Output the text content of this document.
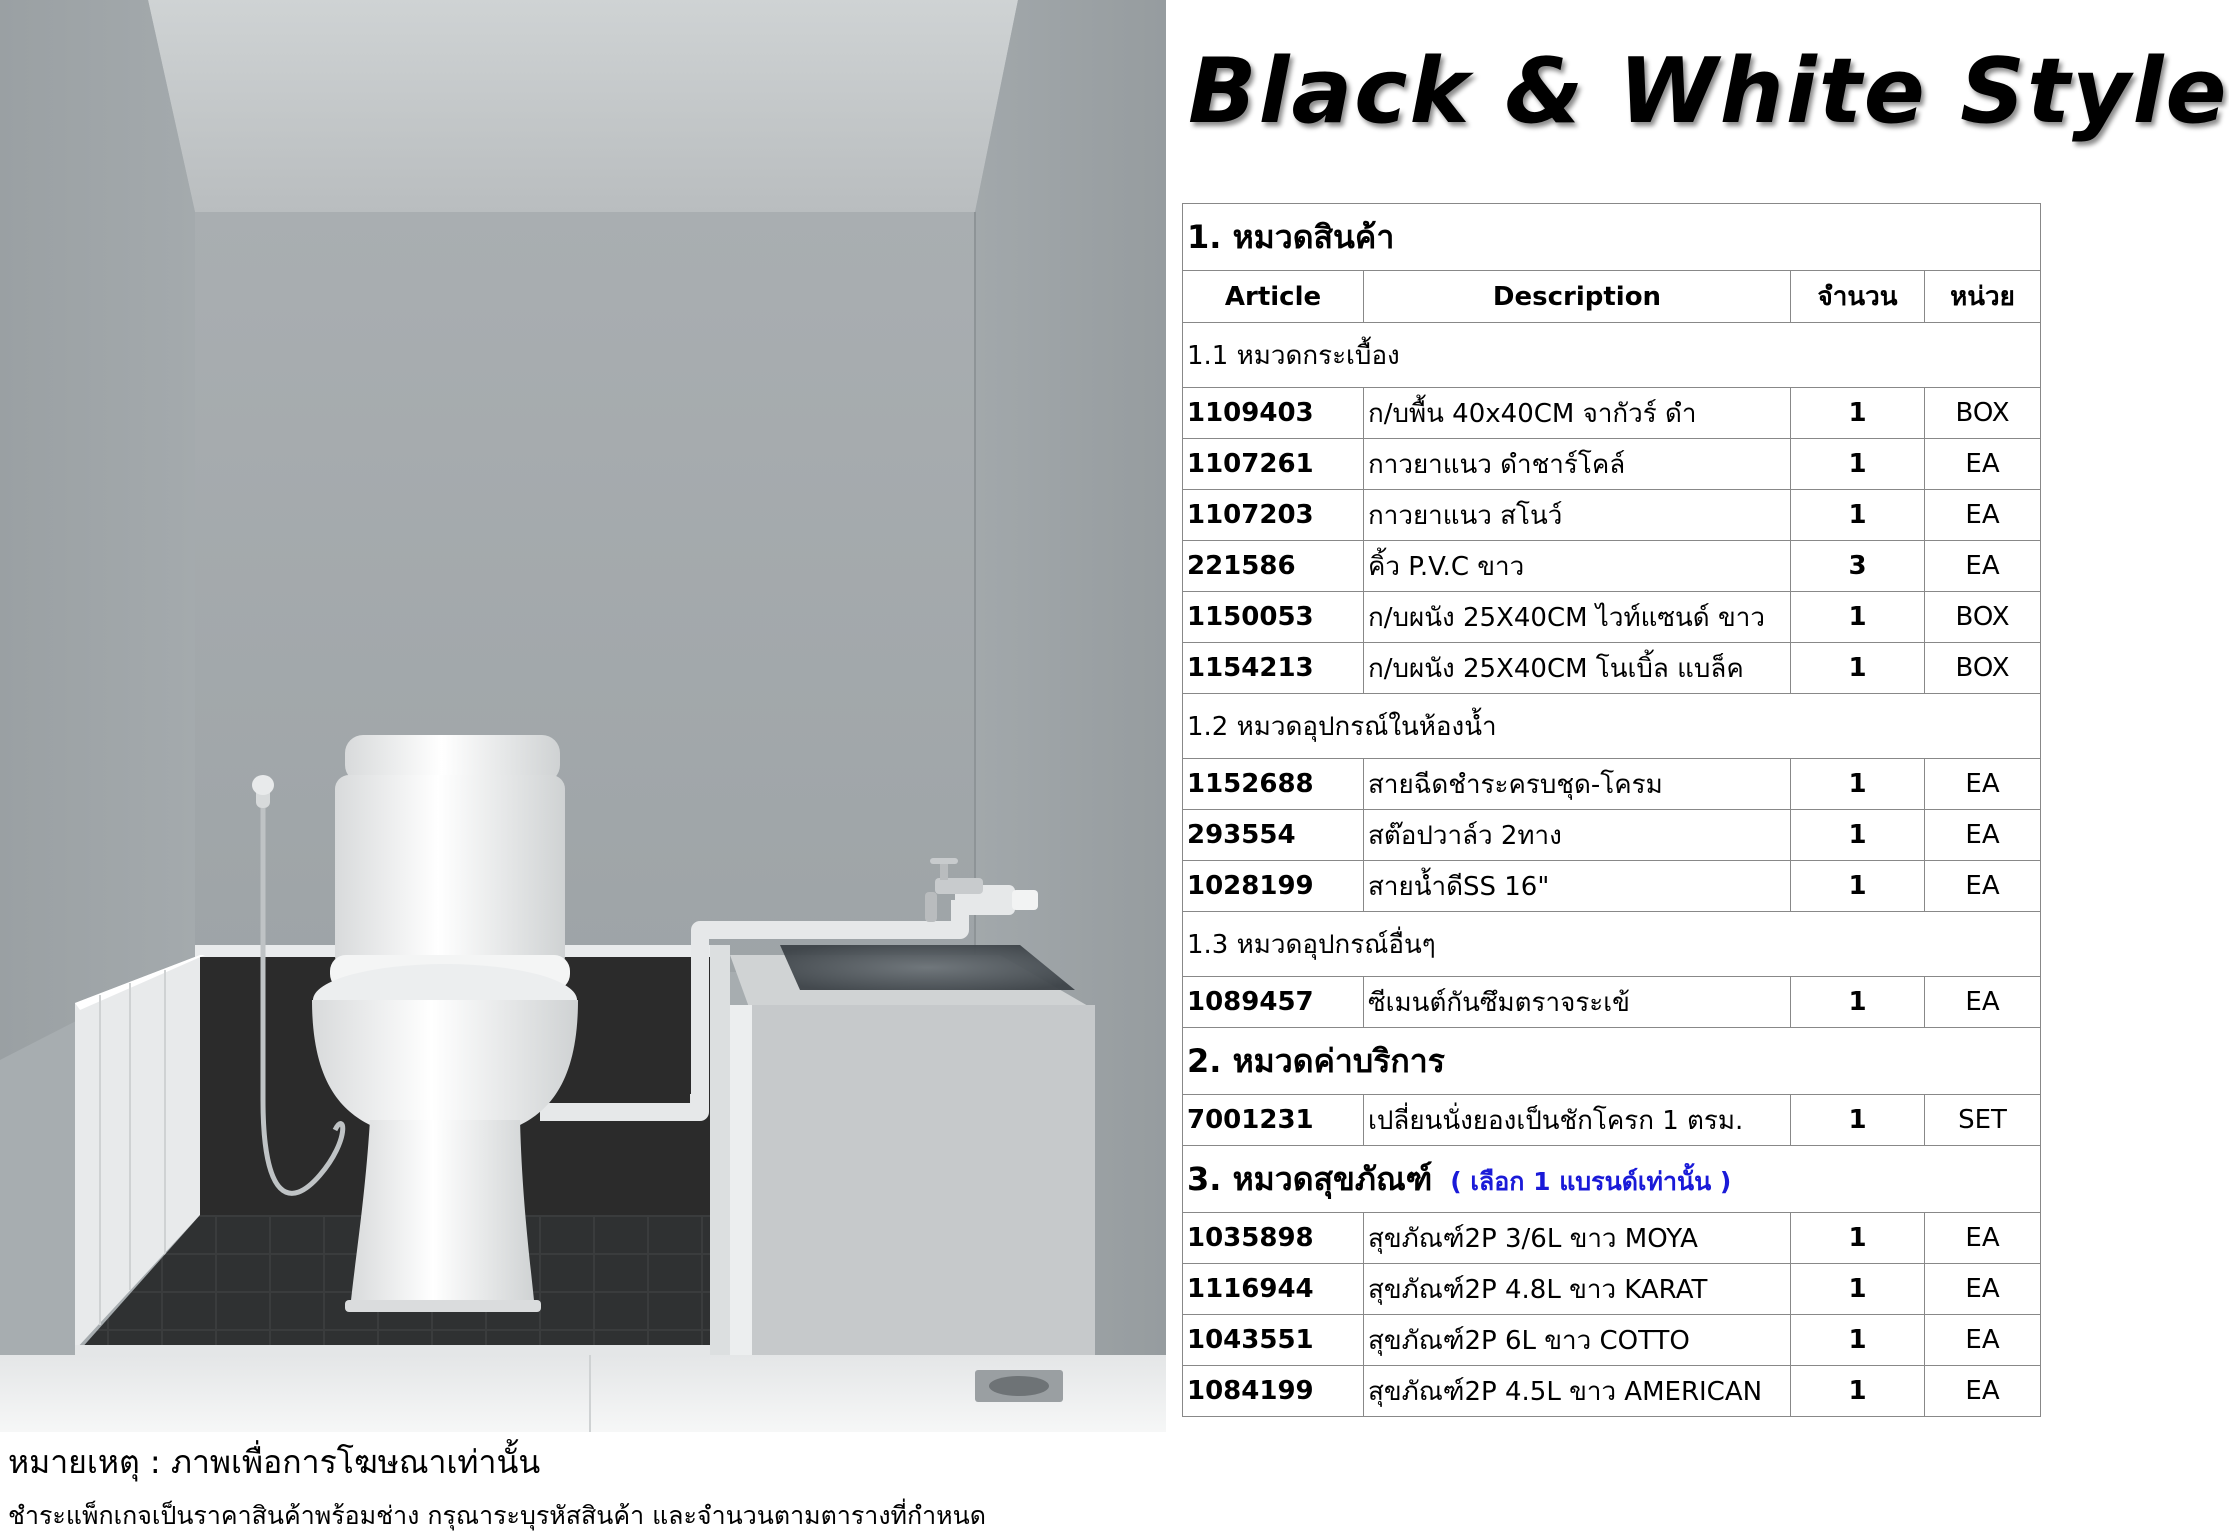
Black & White Style
1. หมวดสินค้า			
Article	Description	จำนวน	หน่วย
1.1 หมวดกระเบื้อง			
1109403	ก/บพื้น 40x40CM จากัวร์ ดำ	1	BOX
1107261	กาวยาแนว ดำชาร์โคล์	1	EA
1107203	กาวยาแนว สโนว์	1	EA
221586	คิ้ว P.V.C ขาว	3	EA
1150053	ก/บผนัง 25X40CM ไวท์แซนด์ ขาว	1	BOX
1154213	ก/บผนัง 25X40CM โนเบิ้ล แบล็ค	1	BOX
1.2 หมวดอุปกรณ์ในห้องน้ำ			
1152688	สายฉีดชำระครบชุด-โครม	1	EA
293554	สต๊อปวาล์ว 2ทาง	1	EA
1028199	สายน้ำดีSS 16"	1	EA
1.3 หมวดอุปกรณ์อื่นๆ			
1089457	ซีเมนต์กันซึมตราจระเข้	1	EA
2. หมวดค่าบริการ			
7001231	เปลี่ยนนั่งยองเป็นชักโครก 1 ตรม.	1	SET
3. หมวดสุขภัณฑ์ ( เลือก 1 แบรนด์เท่านั้น )			
1035898	สุขภัณฑ์2P 3/6L ขาว MOYA	1	EA
1116944	สุขภัณฑ์2P 4.8L ขาว KARAT	1	EA
1043551	สุขภัณฑ์2P 6L ขาว COTTO	1	EA
1084199	สุขภัณฑ์2P 4.5L ขาว AMERICAN	1	EA
หมายเหตุ : ภาพเพื่อการโฆษณาเท่านั้น
ชำระแพ็กเกจเป็นราคาสินค้าพร้อมช่าง กรุณาระบุรหัสสินค้า และจำนวนตามตารางที่กำหนด
